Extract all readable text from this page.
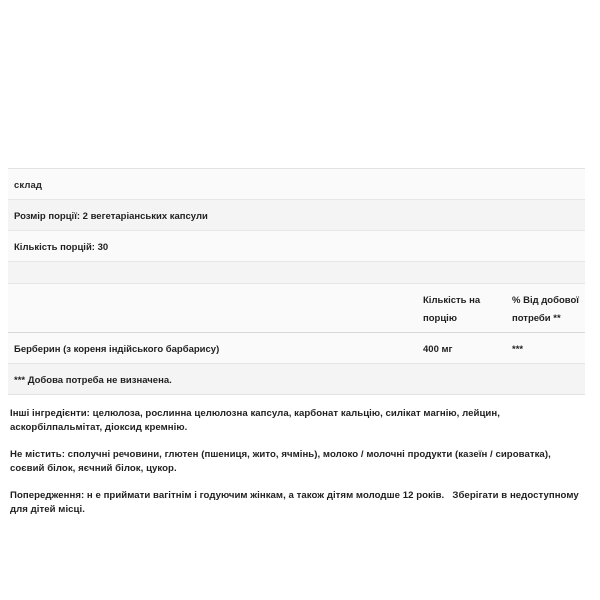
склад
Розмір порції: 2 вегетаріанських капсули
Кількість порцій: 30
Кількість на порцію
% Від добової потреби **
Берберин (з кореня індійського барбарису)	400 мг	***
*** Добова потреба не визначена.

Інші інгредієнти: целюлоза, рослинна целюлозна капсула, карбонат кальцію, силікат магнію, лейцин, аскорбілпальмітат, діоксид кремнію.

Не містить: сполучні речовини, глютен (пшениця, жито, ячмінь), молоко / молочні продукти (казеїн / сироватка), соєвий білок, яєчний білок, цукор.

Попередження: н е приймати вагітнім і годуючим жінкам, а також дітям молодше 12 років.   Зберігати в недоступному для дітей місці.
